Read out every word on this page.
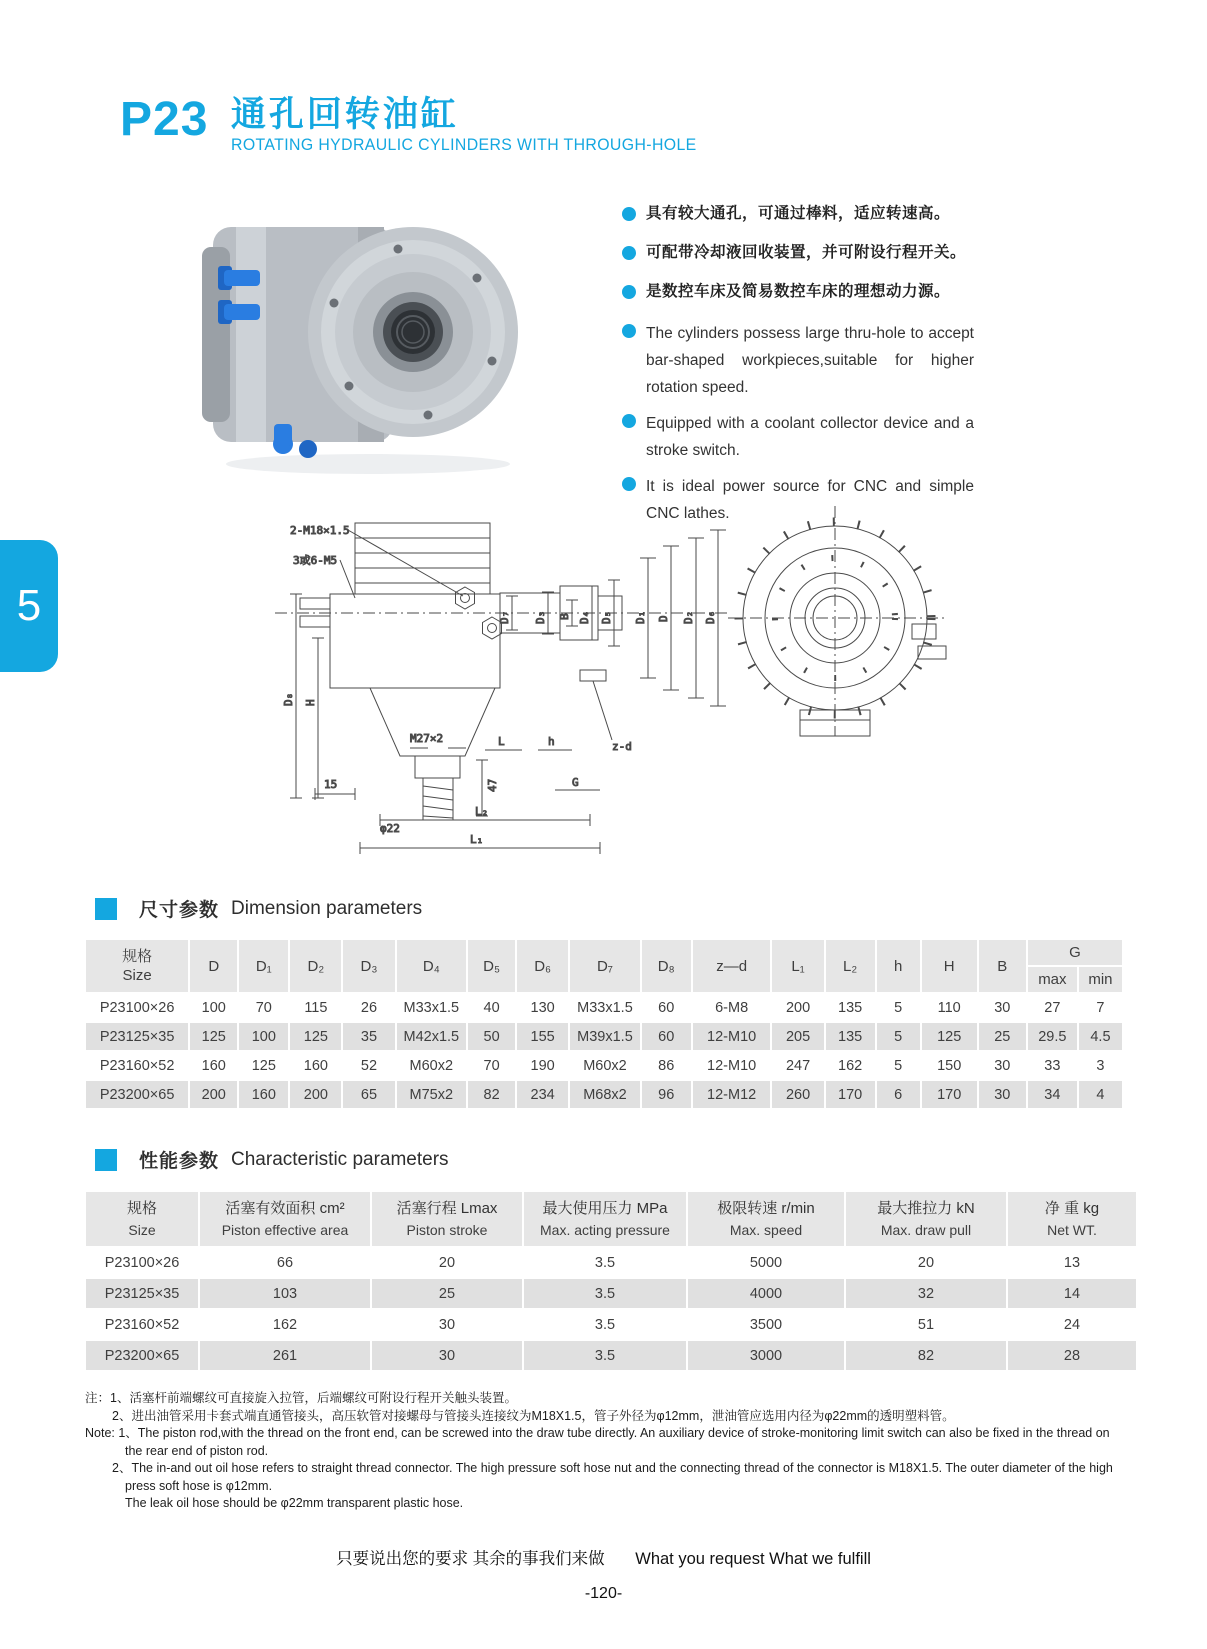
P23 通孔回转油缸
ROTATING HYDRAULIC CYLINDERS WITH THROUGH-HOLE
5
具有较大通孔，可通过棒料，适应转速高。
可配带冷却液回收装置，并可附设行程开关。
是数控车床及简易数控车床的理想动力源。
The cylinders possess large thru-hole to accept bar-shaped workpieces,suitable for higher rotation speed.
Equipped with a coolant collector device and a stroke switch.
It is ideal power source for CNC and simple CNC lathes.
2-M18×1.5
3或6-M5
M27×2
15	47
φ22
L₂
L₁
L	h	z-d
G
D₈ H
D₇ D₃ B D₄ D₅ D₁ D D₂ D₆
尺寸参数 Dimension parameters
规格
Size	D	D₁	D₂	D₃	D₄	D₅	D₆	D₇	D₈	z—d	L₁	L₂	h	H	B	G	
																max	min
P23100×26	100	70	115	26	M33x1.5	40	130	M33x1.5	60	6-M8	200	135	5	110	30	27	7
P23125×35	125	100	125	35	M42x1.5	50	155	M39x1.5	60	12-M10	205	135	5	125	25	29.5	4.5
P23160×52	160	125	160	52	M60x2	70	190	M60x2	86	12-M10	247	162	5	150	30	33	3
P23200×65	200	160	200	65	M75x2	82	234	M68x2	96	12-M12	260	170	6	170	30	34	4
性能参数 Characteristic parameters
规格
Size

活塞有效面积 cm²
Piston effective area

活塞行程 Lmax
Piston stroke

最大使用压力 MPa
Max. acting pressure

极限转速 r/min
Max. speed

最大推拉力 kN
Max. draw pull

净 重 kg
Net WT.

P23100×26	66	20	3.5	5000	20	13
P23125×35	103	25	3.5	4000	32	14
P23160×52	162	30	3.5	3500	51	24
P23200×65	261	30	3.5	3000	82	28
注：1、活塞杆前端螺纹可直接旋入拉管，后端螺纹可附设行程开关触头装置。
2、进出油管采用卡套式端直通管接头，高压软管对接螺母与管接头连接纹为M18X1.5，管子外径为φ12mm，泄油管应选用内径为φ22mm的透明塑料管。
Note: 1、The piston rod,with the thread on the front end, can be screwed into the draw tube directly. An auxiliary device of stroke-monitoring limit switch can also be fixed in the thread on
the rear end of piston rod.
2、The in-and out oil hose refers to straight thread connector. The high pressure soft hose nut and the connecting thread of the connector is M18X1.5. The outer diameter of the high
press soft hose is φ12mm.
The leak oil hose should be φ22mm transparent plastic hose.
只要说出您的要求 其余的事我们来做 What you request What we fulfill
-120-
